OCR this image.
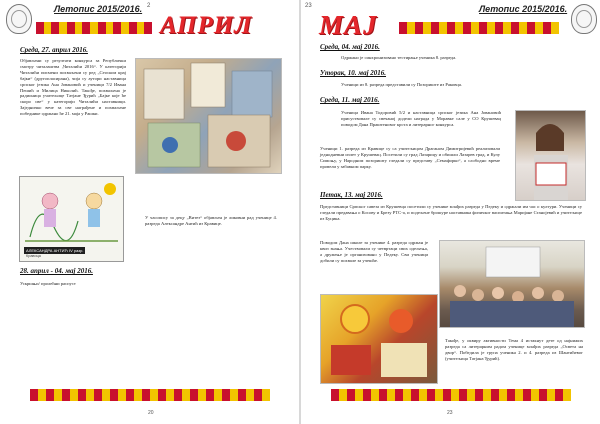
Летопис 2015/2016. 2
АПРИЛ
Среда, 27. април 2016.
Објављени су резултати конкурса за Републички смотру читалаштва „Читалићи 2016“. У категорији Читалићи писмени похваљени су ред „Сеоском крај бајки“ (другопласирана), чија су аутори наставница српског језика Ана Јовановић и ученици 7/2 Ивана Пешић и Милица Николић. Такође, похваљена је радионица учитељице Татјане Ђурић „Бајке које ће скоро све“ у категорији Читалићи наставници. Заједничко вече за све награђене и похваљене победнике одржано ће 21. маја у Рашки.
АЛЕКСАНДРА АНТИЋ IV разр.
Кравица
У часопису за децу „Витез“ објављен је ликовни рад ученице 4. разреда Александре Антић из Кравице.
28. април - 04. мај 2016.
Ускршњи/ пролећни распуст
20
23
МАЈ
Летопис 2015/2016.
Среда, 04. мај 2016.
Одржано је синхронизовано тестирање ученика 8. разреда.
Уторак, 10. мај 2016.
Ученици из 8. разреда представили су Позориште из Раковца.
Среда, 11. мај 2016.
Ученица Ивана Тодоровић 5/2 и наставница српског језика Ана Јовановић присуствовале су свечаној додели награда у Моравке сале у СО Крушевац поводом Дана Праштеновог крста и литерарног конкурса.
Ученици 1. разреда из Кравице су са учитељицом Драганом Димитријевић реализовали једнодневни излет у Крушевац. Посетили су град Лазарицу и обишли Лазарев град, и Кулу Симоњу, у Народном позоришту гледали су представу „Семафорко“, а слободно време провели у забавном парку.
Петак, 13. мај 2016.
Представници Српског савеза из Крушевца посетили су ученике млађих разреда у Педеку и одржали им час о култури. Ученици су гледали предавања о Косову и Брезу РТС-а, и подељене брошуре наставника физичког васпитања Маријане Станојевић и учитељице из Буцика.
Поводом Дана школе за ученике 4. разреда одржан је квиз знања. Учествовали су четвртаци свих одељења, а дружење је организовано у Педеку. Сви ученици добили су похвале за учешће.
Такође, у оквиру активности Тема 4 истакнут дете од најнижих разреда са литерарним радом ученице млађих разреда „Освета на двор“. Победила је група ученика 2. и 4. разреда из Шантићевог (учитељица Татјана Ђурић).
23
